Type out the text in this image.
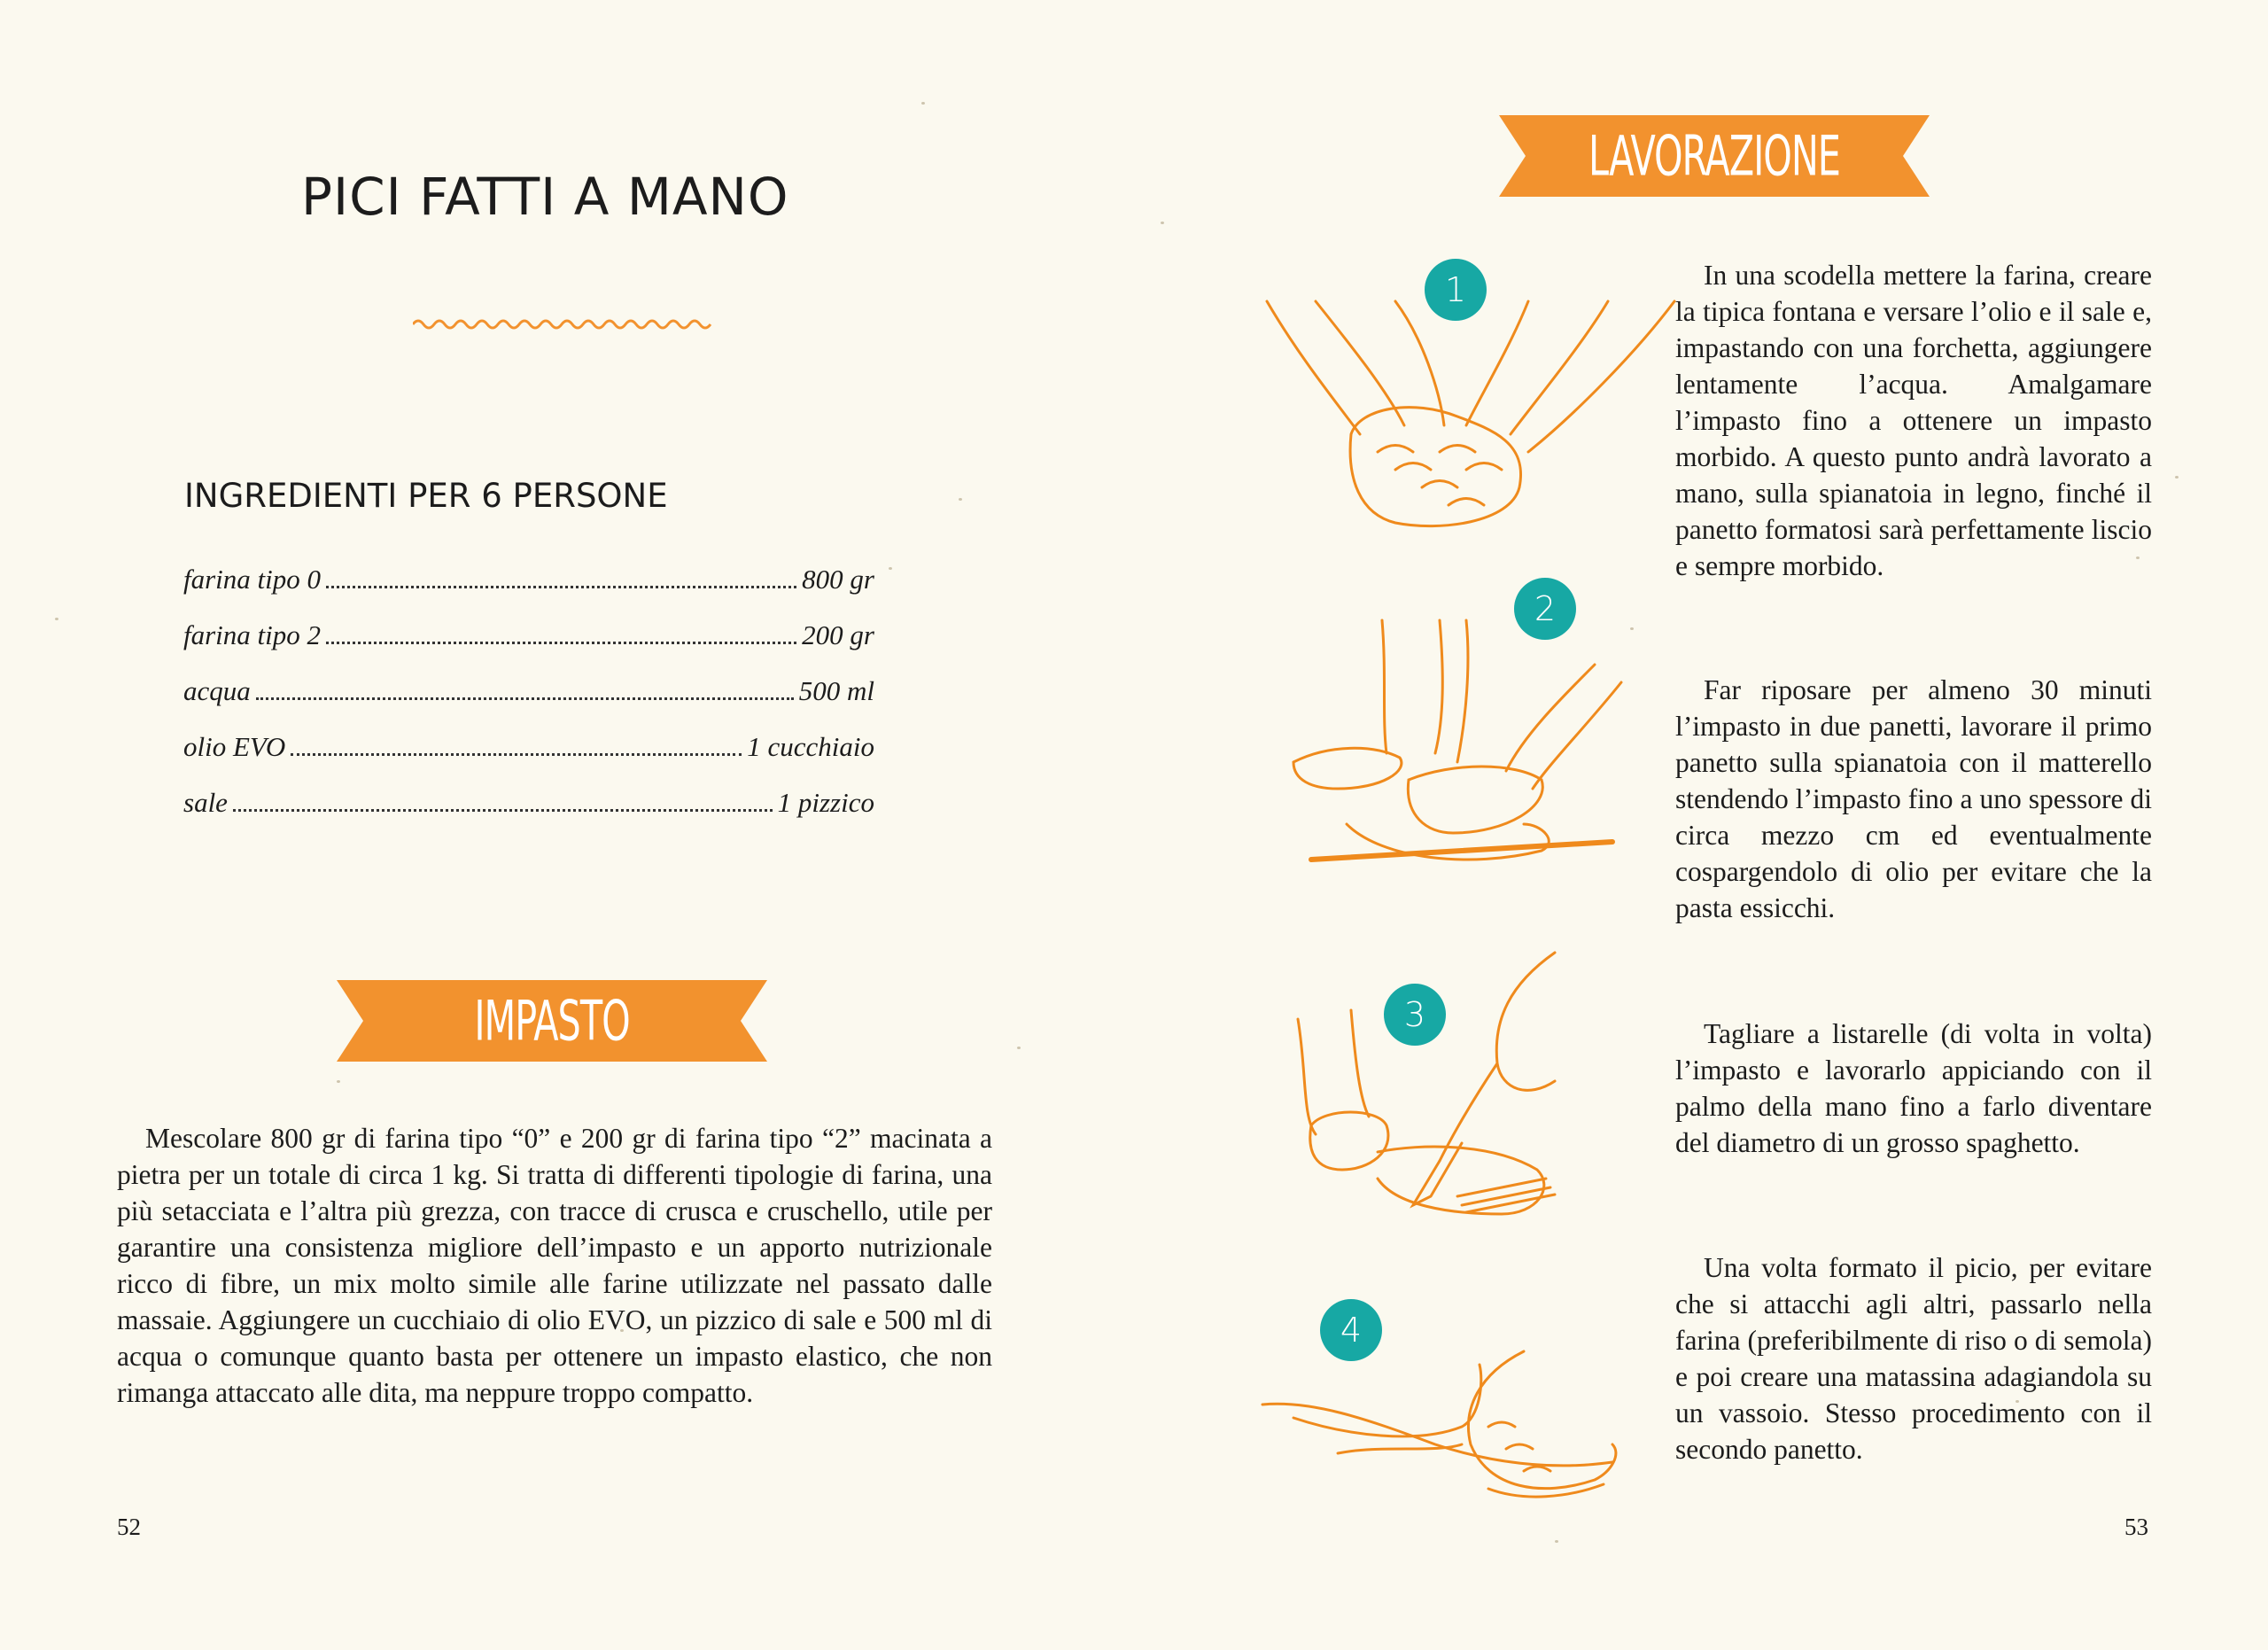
PICI FATTI A MANO
INGREDIENTI PER 6 PERSONE
farina tipo 0	800 gr
farina tipo 2	200 gr
acqua	500 ml
olio EVO	1 cucchiaio
sale	1 pizzico
IMPASTO

Mescolare 800 gr di farina tipo “0” e 200 gr di farina tipo “2” macinata a pietra per un totale di circa 1 kg. Si tratta di differenti tipologie di farina, una più setacciata e l’altra più grezza, con tracce di crusca e cruschello, utile per garantire una consistenza migliore dell’impasto e un apporto nutrizionale ricco di fibre, un mix molto simile alle farine utilizzate nel passato dalle massaie. Aggiungere un cucchiaio di olio EVO, un pizzico di sale e 500 ml di acqua o comunque quanto basta per ottenere un impasto elastico, che non rimanga attaccato alle dita, ma neppure troppo compatto.

52

LAVORAZIONE
1	In una scodella mettere la farina, creare la tipica fontana e versare l’olio e il sale e, impastando con una forchetta, aggiungere lentamente l’acqua. Amalgamare l’impasto fino a ottenere un impasto morbido. A questo punto andrà lavorato a mano, sulla spianatoia in legno, finché il panetto formatosi sarà perfettamente liscio e sempre morbido.

2

Far riposare per almeno 30 minuti l’impasto in due panetti, lavorare il primo panetto sulla spianatoia con il matterello stendendo l’impasto fino a uno spessore di circa mezzo cm ed eventualmente cospargendolo di olio per evitare che la pasta essicchi.

3	Tagliare a listarelle (di volta in volta) l’impasto e lavorarlo appiciando con il palmo della mano fino a farlo diventare del diametro di un grosso spaghetto.

4

Una volta formato il picio, per evitare che si attacchi agli altri, passarlo nella farina (preferibilmente di riso o di semola) e poi creare una matassina adagiandola su un vassoio. Stesso procedimento con il secondo panetto.

53
